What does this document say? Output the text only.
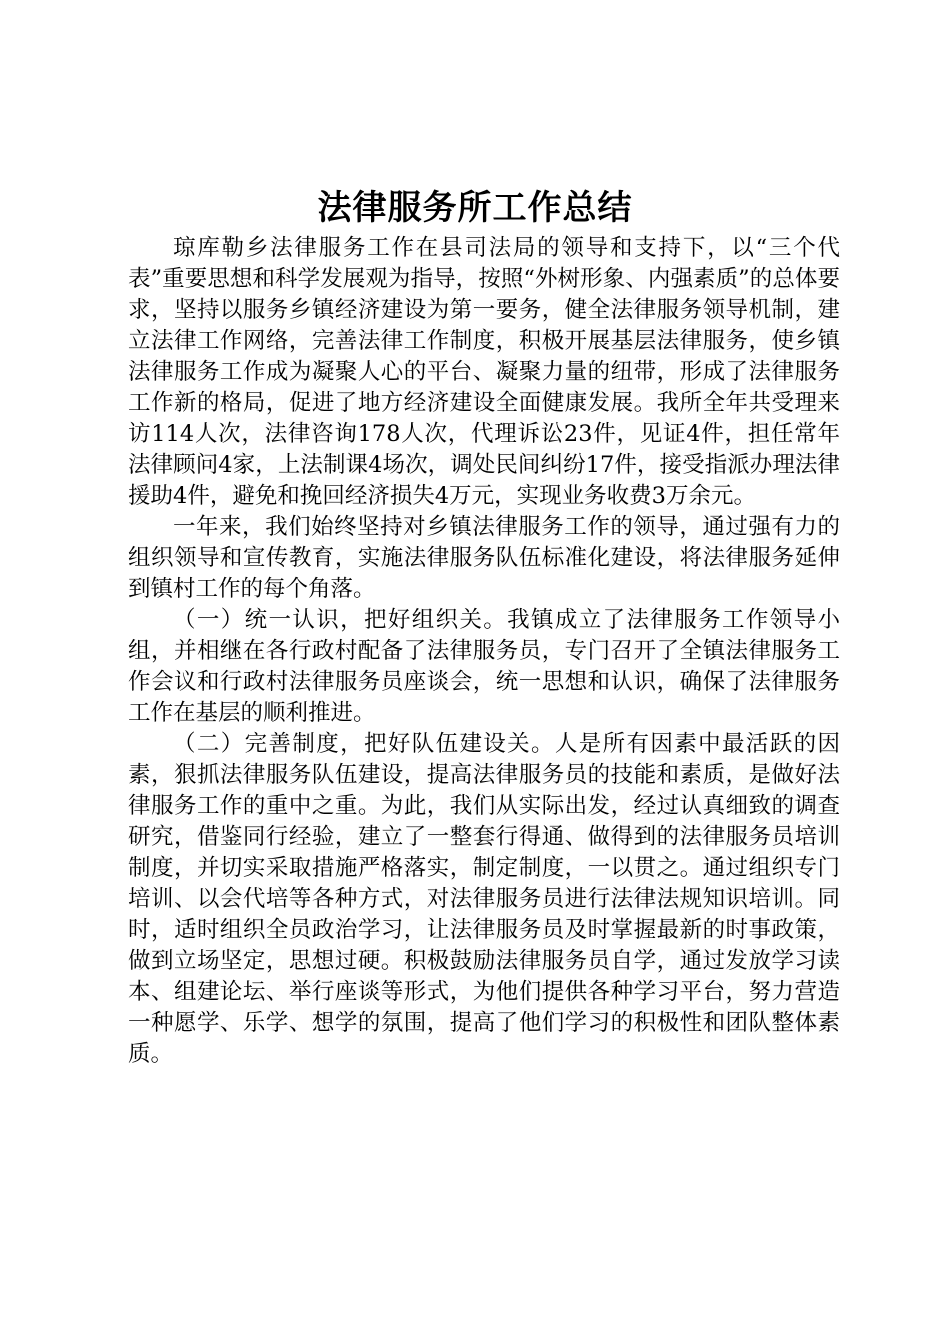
法律服务所工作总结

琼库勒乡法律服务工作在县司法局的领导和支持下，以“三个代表”重要思想和科学发展观为指导，按照“外树形象、内强素质”的总体要求，坚持以服务乡镇经济建设为第一要务，健全法律服务领导机制，建立法律工作网络，完善法律工作制度，积极开展基层法律服务，使乡镇法律服务工作成为凝聚人心的平台、凝聚力量的纽带，形成了法律服务工作新的格局，促进了地方经济建设全面健康发展。我所全年共受理来访114人次，法律咨询178人次，代理诉讼23件，见证4件，担任常年法律顾问4家，上法制课4场次，调处民间纠纷17件，接受指派办理法律援助4件，避免和挽回经济损失4万元，实现业务收费3万余元。

一年来，我们始终坚持对乡镇法律服务工作的领导，通过强有力的组织领导和宣传教育，实施法律服务队伍标准化建设，将法律服务延伸到镇村工作的每个角落。

（一）统一认识，把好组织关。我镇成立了法律服务工作领导小组，并相继在各行政村配备了法律服务员，专门召开了全镇法律服务工作会议和行政村法律服务员座谈会，统一思想和认识，确保了法律服务工作在基层的顺利推进。

（二）完善制度，把好队伍建设关。人是所有因素中最活跃的因素，狠抓法律服务队伍建设，提高法律服务员的技能和素质，是做好法律服务工作的重中之重。为此，我们从实际出发，经过认真细致的调查研究，借鉴同行经验，建立了一整套行得通、做得到的法律服务员培训制度，并切实采取措施严格落实，制定制度，一以贯之。通过组织专门培训、以会代培等各种方式，对法律服务员进行法律法规知识培训。同时，适时组织全员政治学习，让法律服务员及时掌握最新的时事政策，做到立场坚定，思想过硬。积极鼓励法律服务员自学，通过发放学习读本、组建论坛、举行座谈等形式，为他们提供各种学习平台，努力营造一种愿学、乐学、想学的氛围，提高了他们学习的积极性和团队整体素质。
